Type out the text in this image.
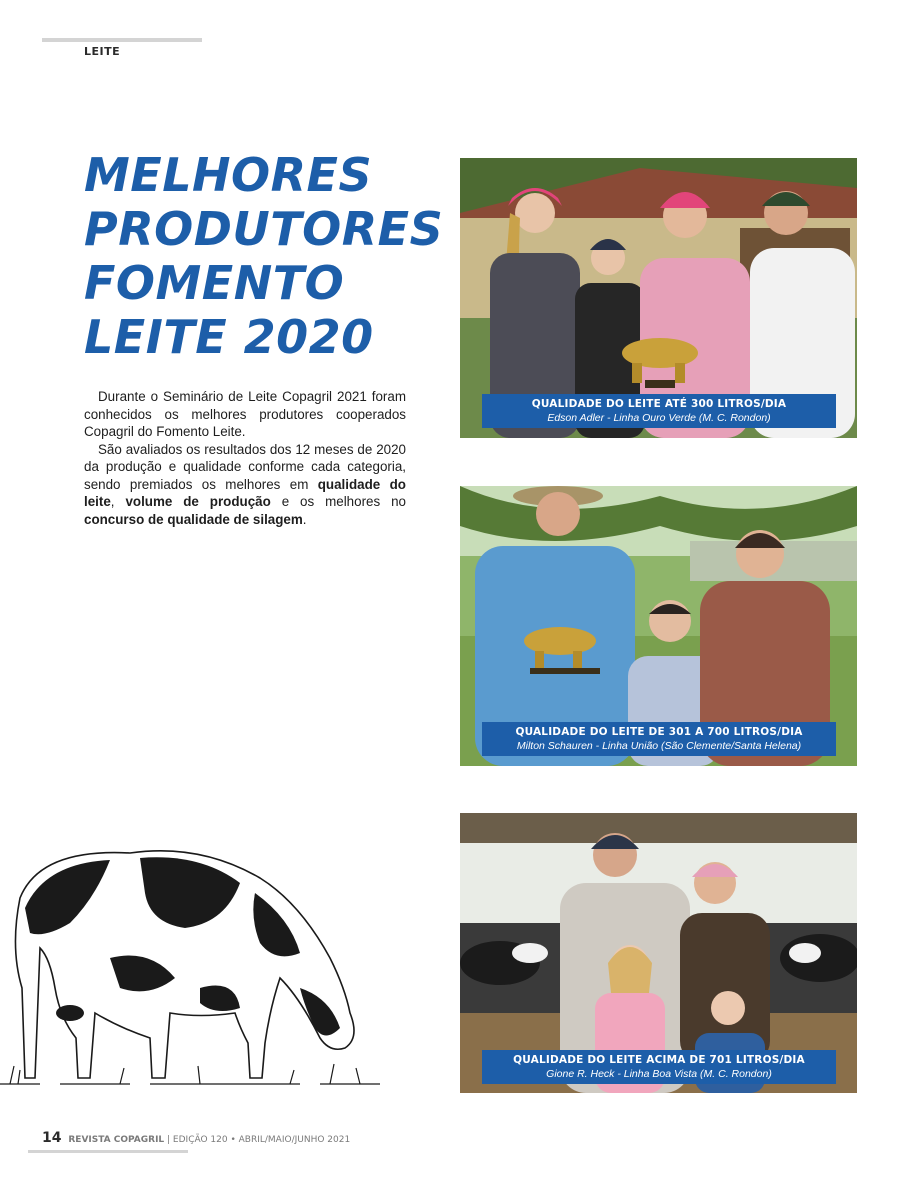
LEITE
MELHORES
PRODUTORES
FOMENTO
LEITE 2020

Durante o Seminário de Leite Copagril 2021 foram conhecidos os melhores produtores cooperados Copagril do Fomento Leite.

São avaliados os resultados dos 12 meses de 2020 da produção e qualidade conforme cada categoria, sendo premiados os melhores em qualidade do leite, volume de produção e os melhores no concurso de qualidade de silagem.

QUALIDADE DO LEITE ATÉ 300 LITROS/DIA
Edson Adler - Linha Ouro Verde (M. C. Rondon)
QUALIDADE DO LEITE DE 301 A 700 LITROS/DIA
Milton Schauren - Linha União (São Clemente/Santa Helena)
QUALIDADE DO LEITE ACIMA DE 701 LITROS/DIA
Gione R. Heck - Linha Boa Vista (M. C. Rondon)
14 REVISTA COPAGRIL | EDIÇÃO 120 • ABRIL/MAIO/JUNHO 2021
